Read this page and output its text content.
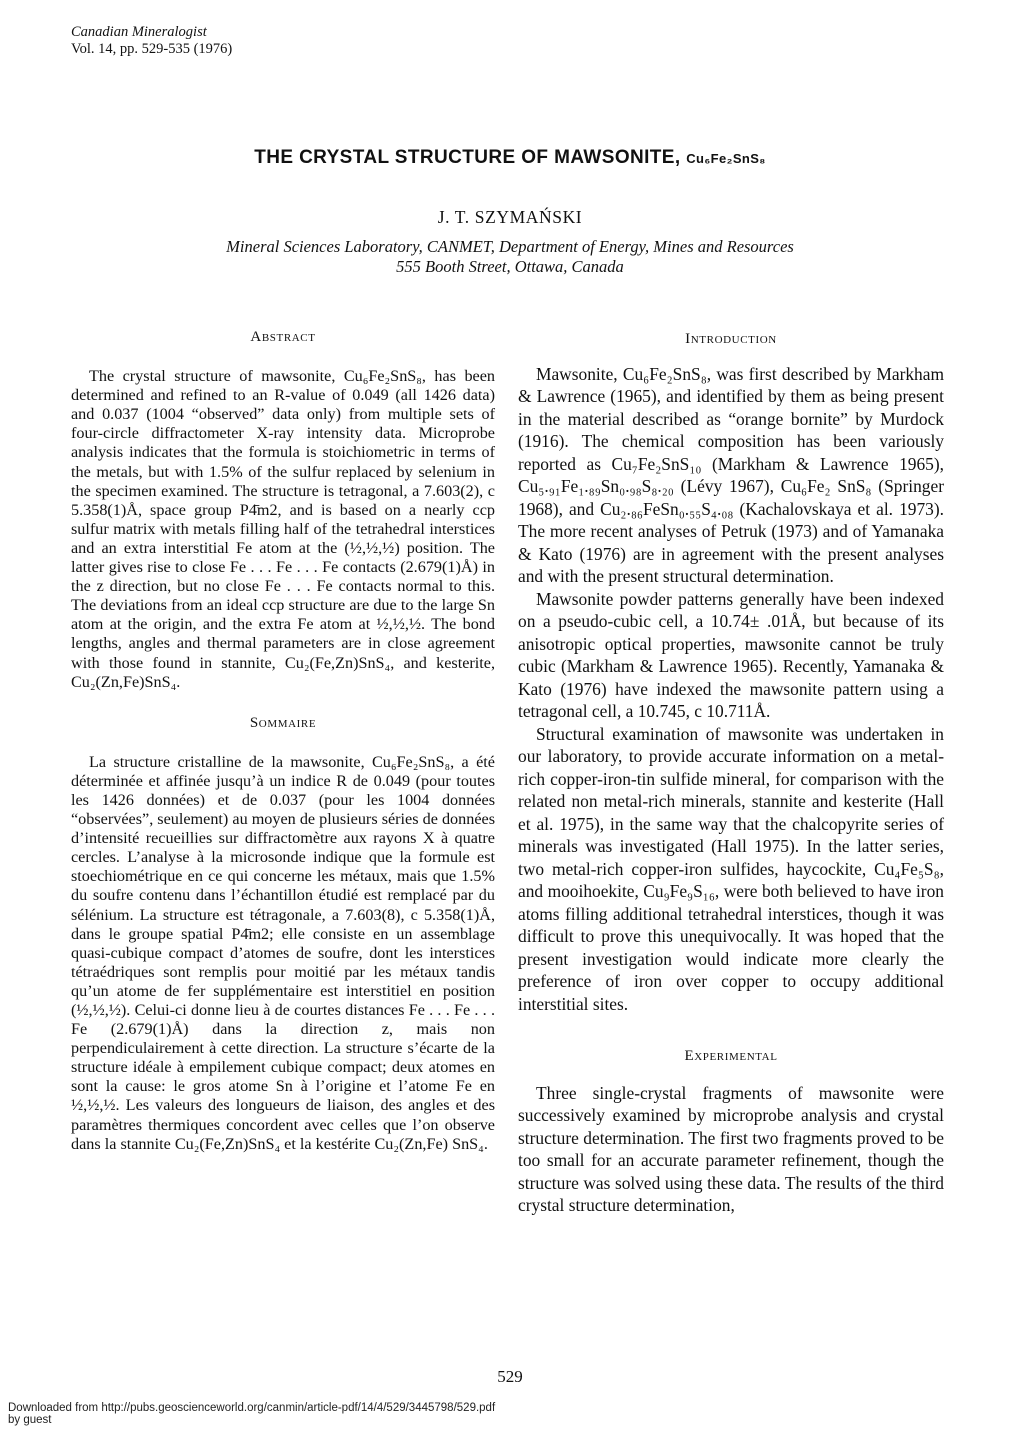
Canadian Mineralogist
Vol. 14, pp. 529-535 (1976)
THE CRYSTAL STRUCTURE OF MAWSONITE, Cu₆Fe₂SnS₈
J. T. SZYMAŃSKI
Mineral Sciences Laboratory, CANMET, Department of Energy, Mines and Resources
555 Booth Street, Ottawa, Canada
Abstract

The crystal structure of mawsonite, Cu₆Fe₂SnS₈, has been determined and refined to an R-value of 0.049 (all 1426 data) and 0.037 (1004 “observed” data only) from multiple sets of four-circle diffractometer X-ray intensity data. Microprobe analysis indicates that the formula is stoichiometric in terms of the metals, but with 1.5% of the sulfur replaced by selenium in the specimen examined. The structure is tetragonal, a 7.603(2), c 5.358(1)Å, space group P4̄m2, and is based on a nearly ccp sulfur matrix with metals filling half of the tetrahedral interstices and an extra interstitial Fe atom at the (½,½,½) position. The latter gives rise to close Fe . . . Fe . . . Fe contacts (2.679(1)Å) in the z direction, but no close Fe . . . Fe contacts normal to this. The deviations from an ideal ccp structure are due to the large Sn atom at the origin, and the extra Fe atom at ½,½,½. The bond lengths, angles and thermal parameters are in close agreement with those found in stannite, Cu₂(Fe,Zn)SnS₄, and kesterite, Cu₂(Zn,Fe)SnS₄.

Sommaire

La structure cristalline de la mawsonite, Cu₆Fe₂SnS₈, a été déterminée et affinée jusqu’à un indice R de 0.049 (pour toutes les 1426 données) et de 0.037 (pour les 1004 données “observées”, seulement) au moyen de plusieurs séries de données d’intensité recueillies sur diffractomètre aux rayons X à quatre cercles. L’analyse à la microsonde indique que la formule est stoechiométrique en ce qui concerne les métaux, mais que 1.5% du soufre contenu dans l’échantillon étudié est remplacé par du sélénium. La structure est tétragonale, a 7.603(8), c 5.358(1)Å, dans le groupe spatial P4̄m2; elle consiste en un assemblage quasi-cubique compact d’atomes de soufre, dont les interstices tétraédriques sont remplis pour moitié par les métaux tandis qu’un atome de fer supplémentaire est interstitiel en position (½,½,½). Celui-ci donne lieu à de courtes distances Fe . . . Fe . . . Fe (2.679(1)Å) dans la direction z, mais non perpendiculairement à cette direction. La structure s’écarte de la structure idéale à empilement cubique compact; deux atomes en sont la cause: le gros atome Sn à l’origine et l’atome Fe en ½,½,½. Les valeurs des longueurs de liaison, des angles et des paramètres thermiques concordent avec celles que l’on observe dans la stannite Cu₂(Fe,Zn)SnS₄ et la kestérite Cu₂(Zn,Fe) SnS₄.

Introduction

Mawsonite, Cu₆Fe₂SnS₈, was first described by Markham & Lawrence (1965), and identified by them as being present in the material described as “orange bornite” by Murdock (1916). The chemical composition has been variously reported as Cu₇Fe₂SnS₁₀ (Markham & Lawrence 1965), Cu₅.₉₁Fe₁.₈₉Sn₀.₉₈S₈.₂₀ (Lévy 1967), Cu₆Fe₂ SnS₈ (Springer 1968), and Cu₂.₈₆FeSn₀.₅₅S₄.₀₈ (Kachalovskaya et al. 1973). The more recent analyses of Petruk (1973) and of Yamanaka & Kato (1976) are in agreement with the present analyses and with the present structural determination.

Mawsonite powder patterns generally have been indexed on a pseudo-cubic cell, a 10.74± .01Å, but because of its anisotropic optical properties, mawsonite cannot be truly cubic (Markham & Lawrence 1965). Recently, Yamanaka & Kato (1976) have indexed the mawsonite pattern using a tetragonal cell, a 10.745, c 10.711Å.

Structural examination of mawsonite was undertaken in our laboratory, to provide accurate information on a metal-rich copper-iron-tin sulfide mineral, for comparison with the related non metal-rich minerals, stannite and kesterite (Hall et al. 1975), in the same way that the chalcopyrite series of minerals was investigated (Hall 1975). In the latter series, two metal-rich copper-iron sulfides, haycockite, Cu₄Fe₅S₈, and mooihoekite, Cu₉Fe₉S₁₆, were both believed to have iron atoms filling additional tetrahedral interstices, though it was difficult to prove this unequivocally. It was hoped that the present investigation would indicate more clearly the preference of iron over copper to occupy additional interstitial sites.

Experimental

Three single-crystal fragments of mawsonite were successively examined by microprobe analysis and crystal structure determination. The first two fragments proved to be too small for an accurate parameter refinement, though the structure was solved using these data. The results of the third crystal structure determination,

529
Downloaded from http://pubs.geoscienceworld.org/canmin/article-pdf/14/4/529/3445798/529.pdf
by guest
